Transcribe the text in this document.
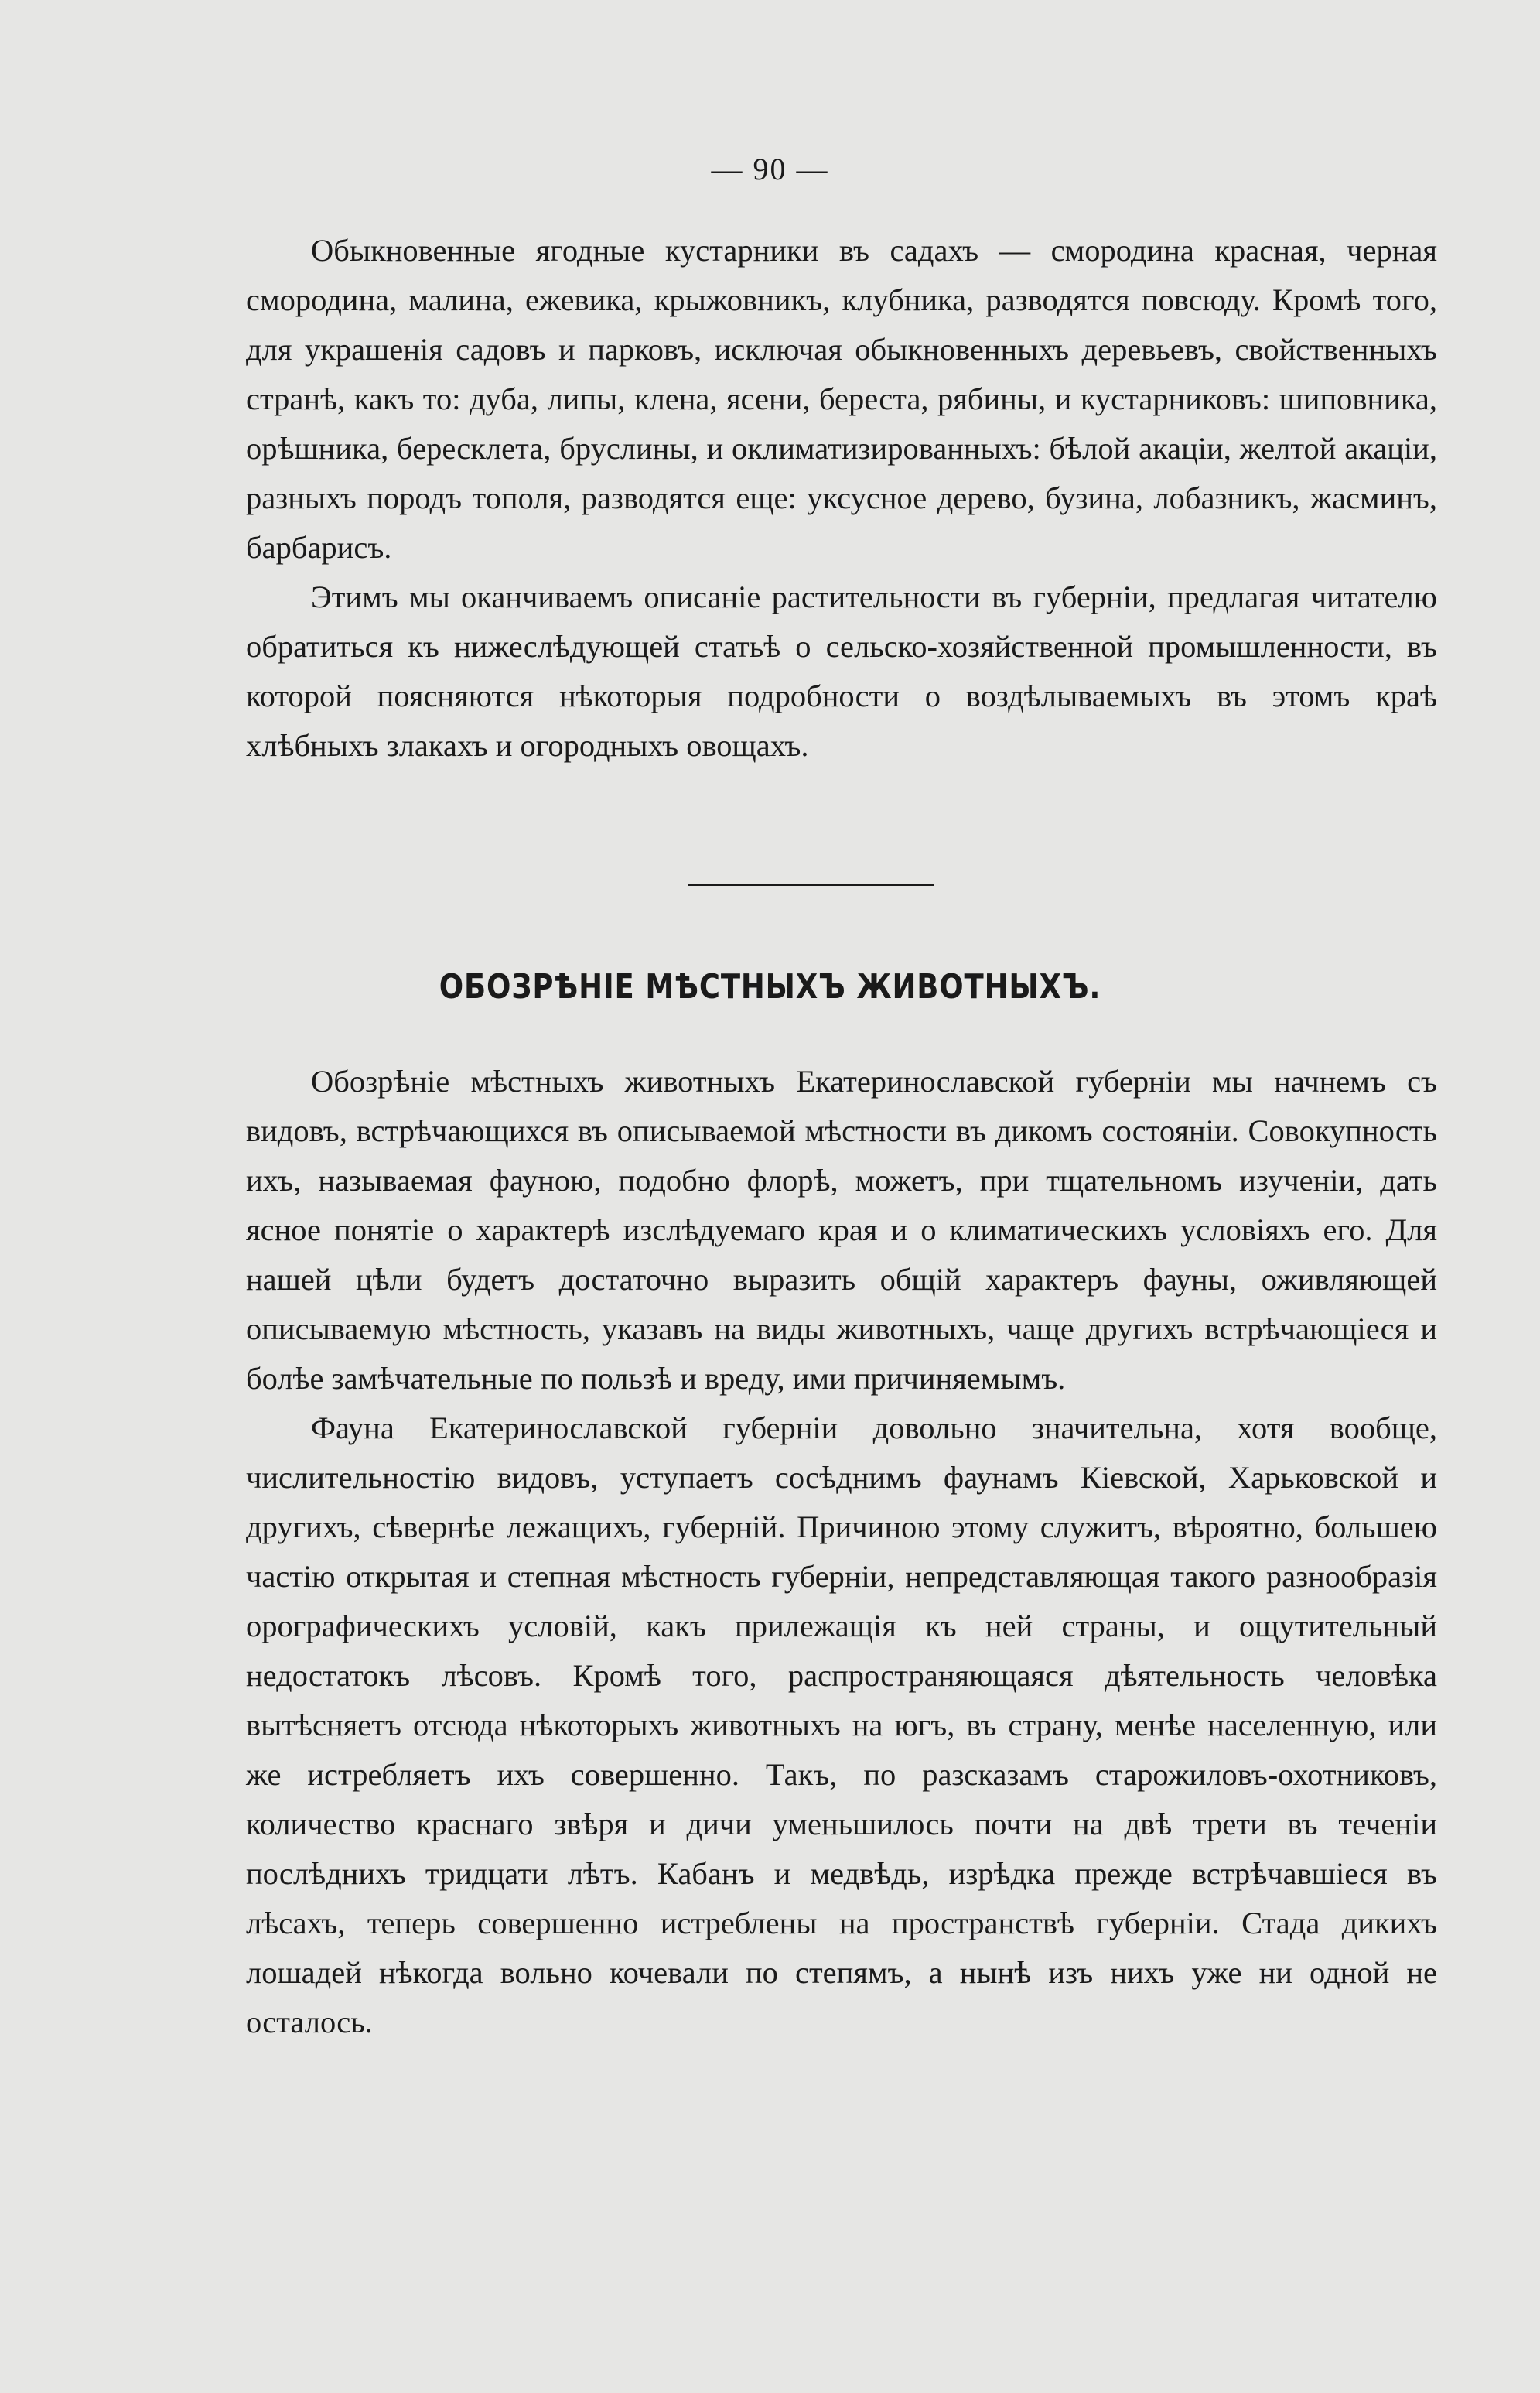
— 90 —

Обыкновенные ягодные кустарники въ садахъ — смородина красная, черная смородина, малина, ежевика, крыжовникъ, клубника, разводятся повсюду. Кромѣ того, для украшенія садовъ и парковъ, исключая обыкновенныхъ деревьевъ, свойственныхъ странѣ, какъ то: дуба, липы, клена, ясени, береста, рябины, и кустарниковъ: шиповника, орѣшника, бересклета, бруслины, и оклиматизированныхъ: бѣлой акаціи, желтой акаціи, разныхъ породъ тополя, разводятся еще: уксусное дерево, бузина, лобазникъ, жасминъ, барбарисъ.

Этимъ мы оканчиваемъ описаніе растительности въ губерніи, предлагая читателю обратиться къ нижеслѣдующей статьѣ о сельско-хозяйственной промышленности, въ которой поясняются нѣкоторыя подробности о воздѣлываемыхъ въ этомъ краѣ хлѣбныхъ злакахъ и огородныхъ овощахъ.

ОБОЗРѢНІЕ МѢСТНЫХЪ ЖИВОТНЫХЪ.

Обозрѣніе мѣстныхъ животныхъ Екатеринославской губерніи мы начнемъ съ видовъ, встрѣчающихся въ описываемой мѣстности въ дикомъ состояніи. Совокупность ихъ, называемая фауною, подобно флорѣ, можетъ, при тщательномъ изученіи, дать ясное понятіе о характерѣ изслѣдуемаго края и о климатическихъ условіяхъ его. Для нашей цѣли будетъ достаточно выразить общій характеръ фауны, оживляющей описываемую мѣстность, указавъ на виды животныхъ, чаще другихъ встрѣчающіеся и болѣе замѣчательные по пользѣ и вреду, ими причиняемымъ.

Фауна Екатеринославской губерніи довольно значительна, хотя вообще, числительностію видовъ, уступаетъ сосѣднимъ фаунамъ Кіевской, Харьковской и другихъ, сѣвернѣе лежащихъ, губерній. Причиною этому служитъ, вѣроятно, большею частію открытая и степная мѣстность губерніи, непредставляющая такого разнообразія орографическихъ условій, какъ прилежащія къ ней страны, и ощутительный недостатокъ лѣсовъ. Кромѣ того, распространяющаяся дѣятельность человѣка вытѣсняетъ отсюда нѣкоторыхъ животныхъ на югъ, въ страну, менѣе населенную, или же истребляетъ ихъ совершенно. Такъ, по разсказамъ старожиловъ-охотниковъ, количество краснаго звѣря и дичи уменьшилось почти на двѣ трети въ теченіи послѣднихъ тридцати лѣтъ. Кабанъ и медвѣдь, изрѣдка прежде встрѣчавшіеся въ лѣсахъ, теперь совершенно истреблены на пространствѣ губерніи. Стада дикихъ лошадей нѣкогда вольно кочевали по степямъ, а нынѣ изъ нихъ уже ни одной не осталось.
